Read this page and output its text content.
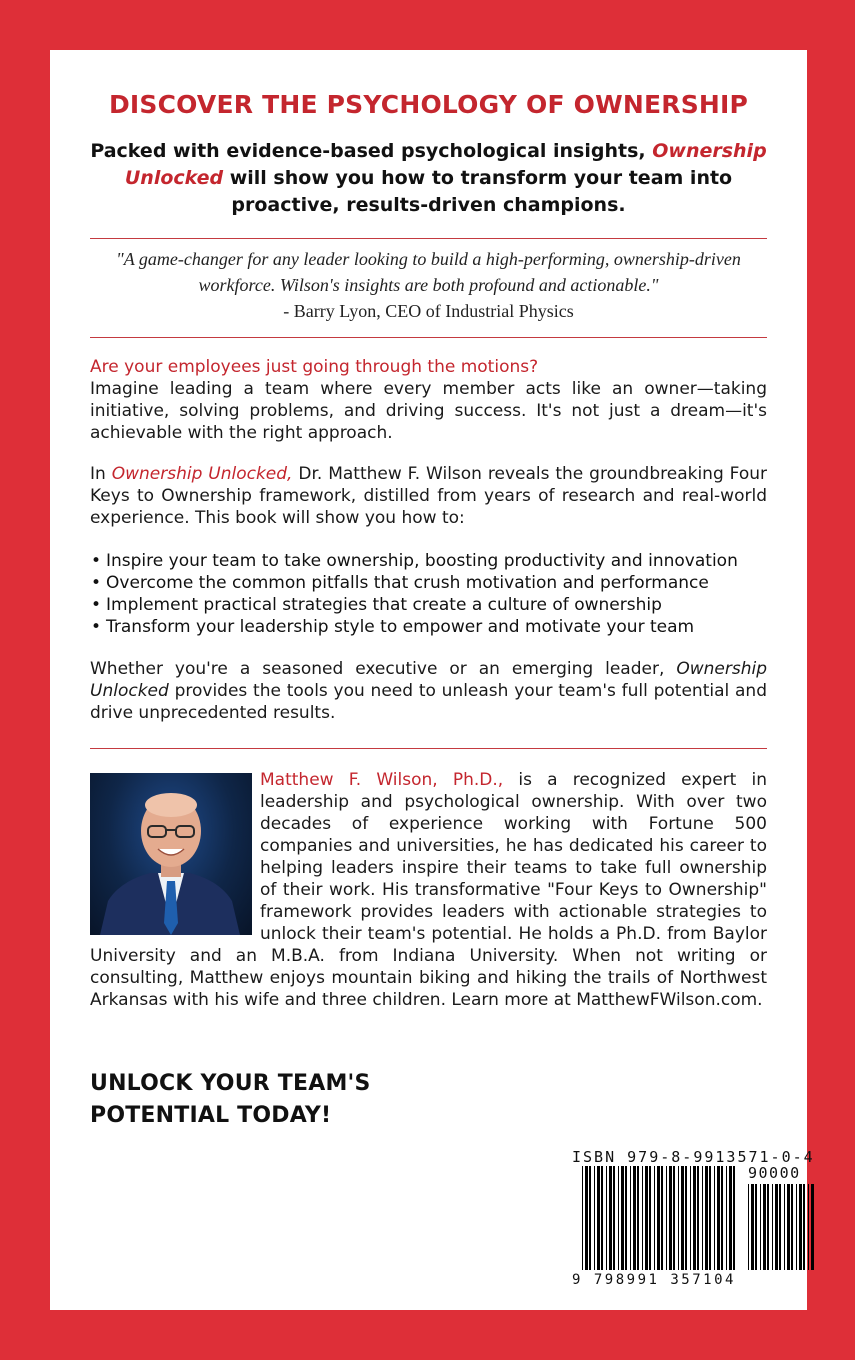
DISCOVER THE PSYCHOLOGY OF OWNERSHIP

Packed with evidence-based psychological insights, Ownership Unlocked will show you how to transform your team into proactive, results-driven champions.

"A game-changer for any leader looking to build a high-performing, ownership-driven workforce. Wilson's insights are both profound and actionable."
- Barry Lyon, CEO of Industrial Physics
Are your employees just going through the motions?

Imagine leading a team where every member acts like an owner—taking initiative, solving problems, and driving success. It's not just a dream—it's achievable with the right approach.

In Ownership Unlocked, Dr. Matthew F. Wilson reveals the groundbreaking Four Keys to Ownership framework, distilled from years of research and real-world experience. This book will show you how to:

• Inspire your team to take ownership, boosting productivity and innovation
• Overcome the common pitfalls that crush motivation and performance
• Implement practical strategies that create a culture of ownership
• Transform your leadership style to empower and motivate your team

Whether you're a seasoned executive or an emerging leader, Ownership Unlocked provides the tools you need to unleash your team's full potential and drive unprecedented results.

Matthew F. Wilson, Ph.D., is a recognized expert in leadership and psychological ownership. With over two decades of experience working with Fortune 500 companies and universities, he has dedicated his career to helping leaders inspire their teams to take full ownership of their work. His transformative "Four Keys to Ownership" framework provides leaders with actionable strategies to unlock their team's potential. He holds a Ph.D. from Baylor University and an M.B.A. from Indiana University. When not writing or consulting, Matthew enjoys mountain biking and hiking the trails of Northwest Arkansas with his wife and three children. Learn more at MatthewFWilson.com.

UNLOCK YOUR TEAM'S POTENTIAL TODAY!

ISBN 979-8-9913571-0-4
90000
9 798991 357104
